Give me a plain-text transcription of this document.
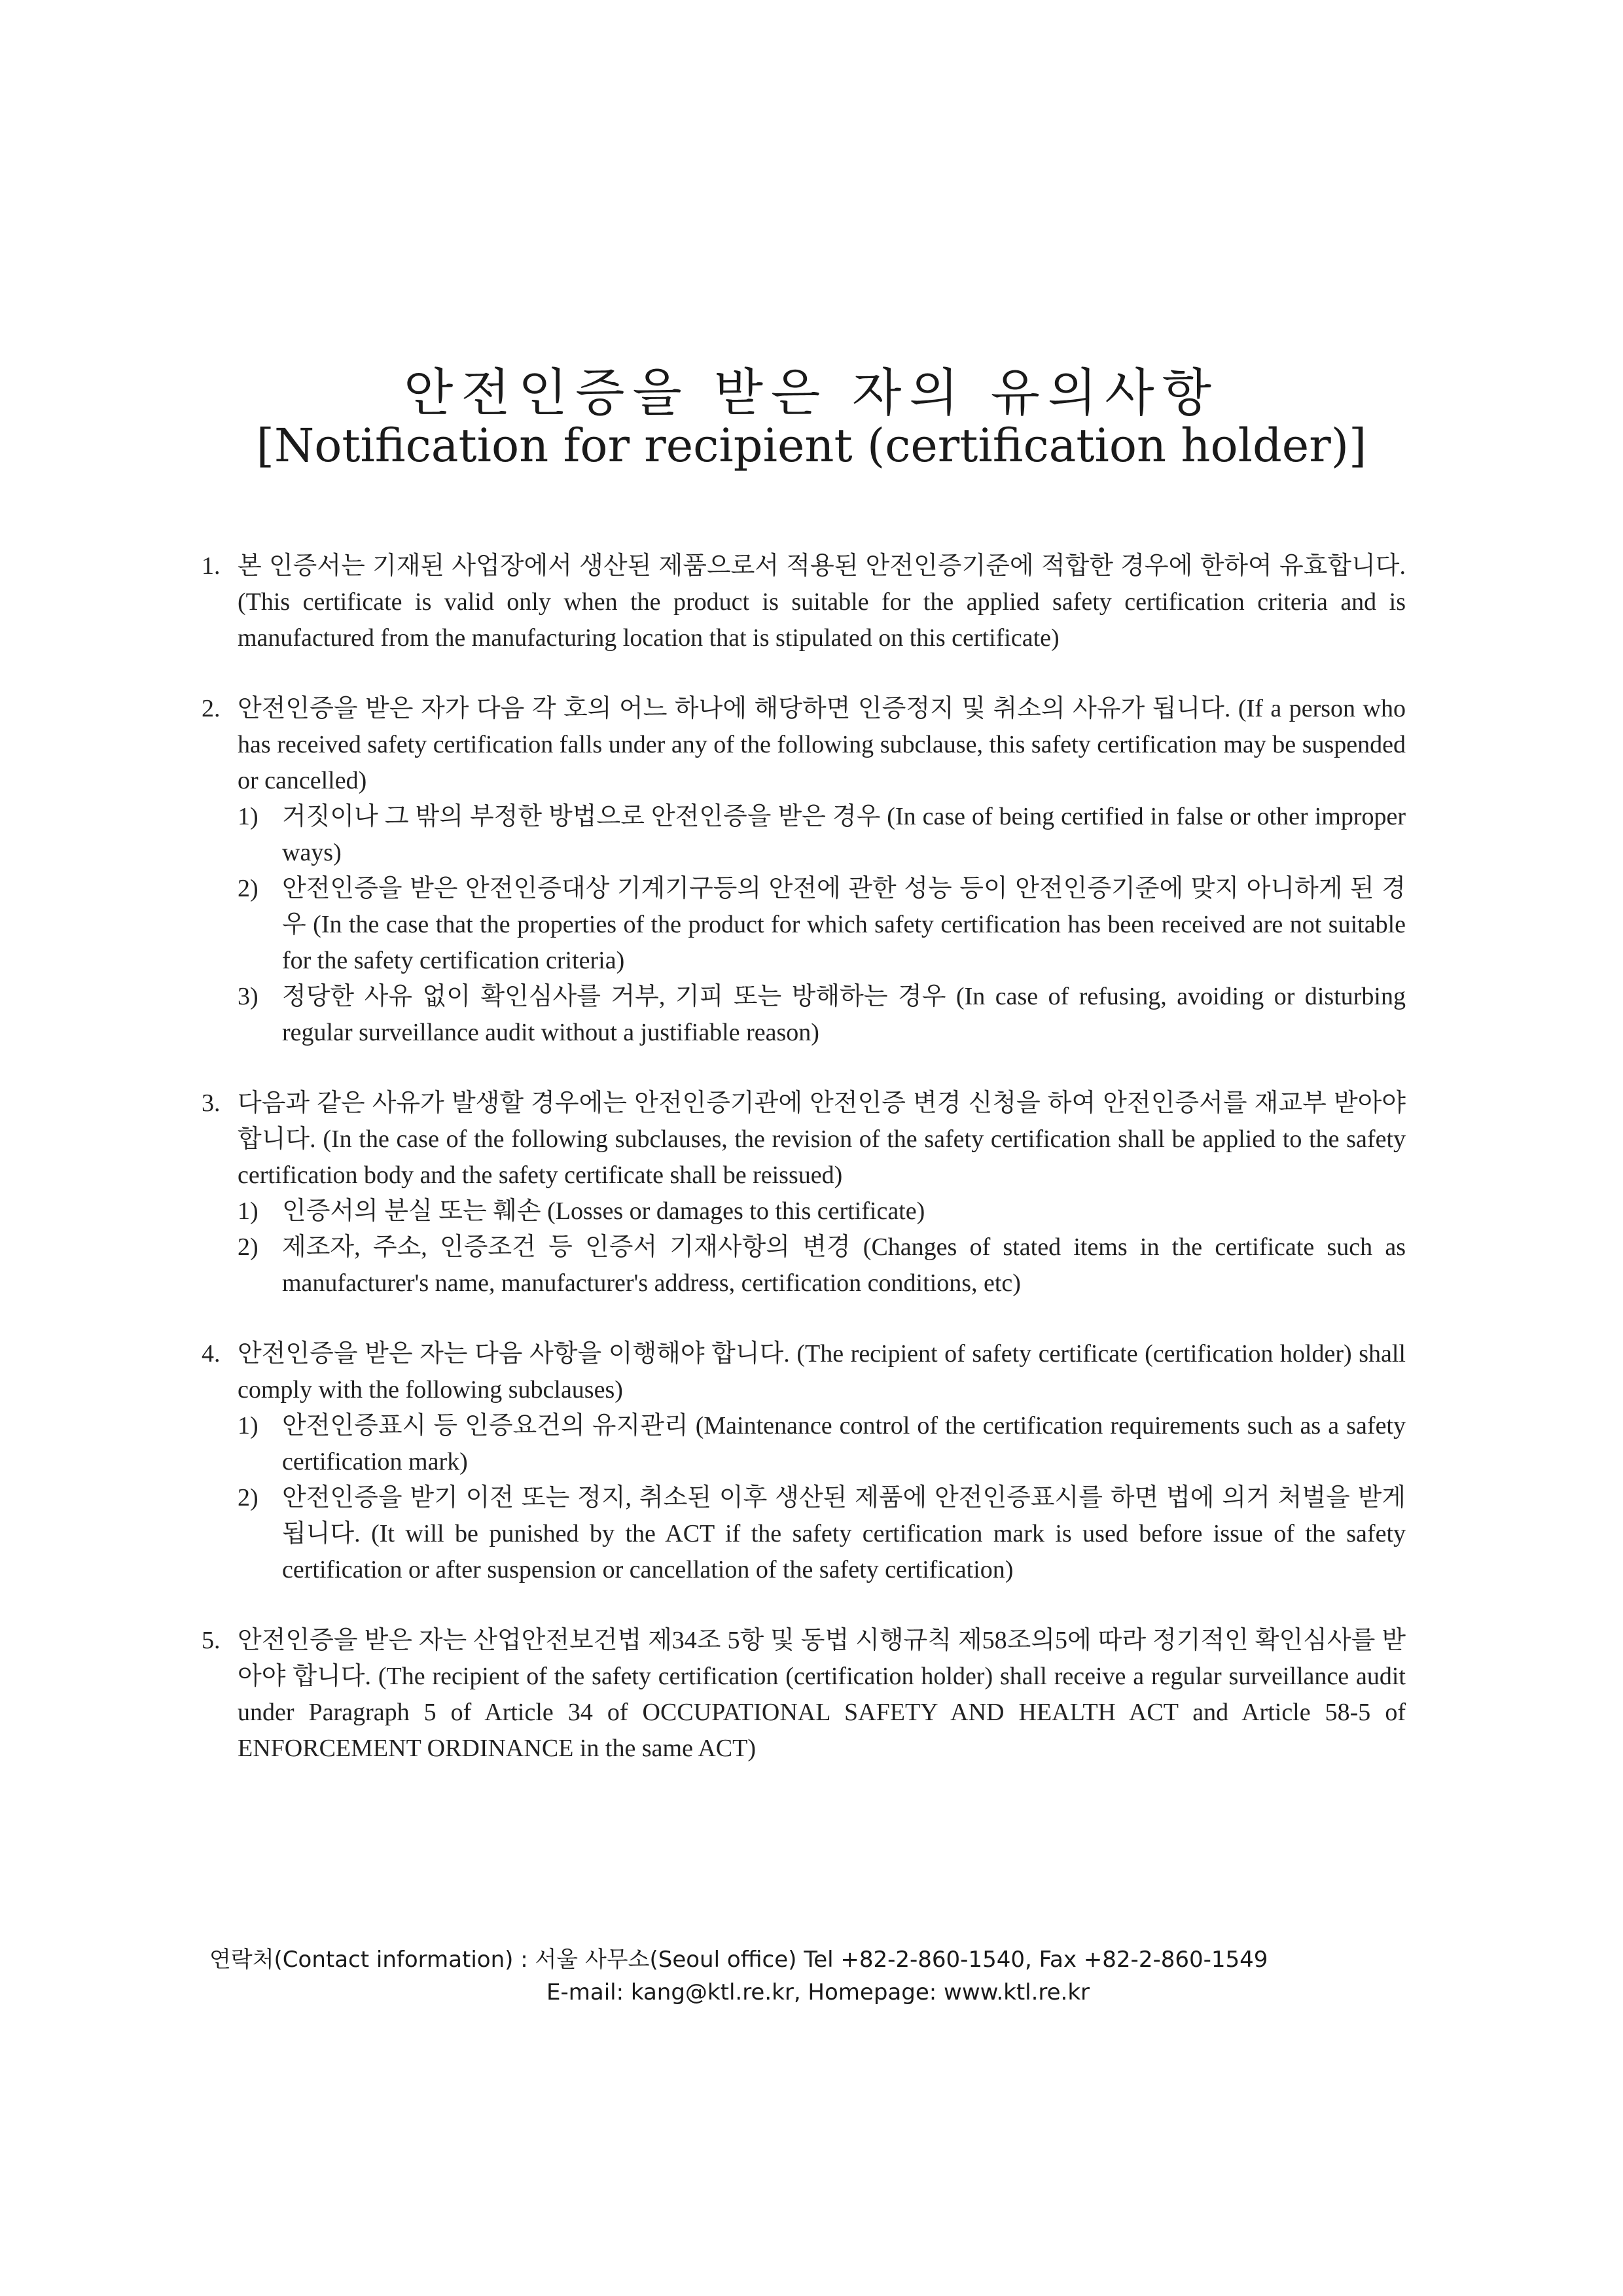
안전인증을 받은 자의 유의사항
[Notification for recipient (certification holder)]
1. 본 인증서는 기재된 사업장에서 생산된 제품으로서 적용된 안전인증기준에 적합한 경우에 한하여 유효합니다. (This certificate is valid only when the product is suitable for the applied safety certification criteria and is manufactured from the manufacturing location that is stipulated on this certificate)
2. 안전인증을 받은 자가 다음 각 호의 어느 하나에 해당하면 인증정지 및 취소의 사유가 됩니다. (If a person who has received safety certification falls under any of the following subclause, this safety certification may be suspended or cancelled)
1) 거짓이나 그 밖의 부정한 방법으로 안전인증을 받은 경우 (In case of being certified in false or other improper ways)
2) 안전인증을 받은 안전인증대상 기계기구등의 안전에 관한 성능 등이 안전인증기준에 맞지 아니하게 된 경우 (In the case that the properties of the product for which safety certification has been received are not suitable for the safety certification criteria)
3) 정당한 사유 없이 확인심사를 거부, 기피 또는 방해하는 경우 (In case of refusing, avoiding or disturbing regular surveillance audit without a justifiable reason)
3. 다음과 같은 사유가 발생할 경우에는 안전인증기관에 안전인증 변경 신청을 하여 안전인증서를 재교부 받아야 합니다. (In the case of the following subclauses, the revision of the safety certification shall be applied to the safety certification body and the safety certificate shall be reissued)
1) 인증서의 분실 또는 훼손 (Losses or damages to this certificate)
2) 제조자, 주소, 인증조건 등 인증서 기재사항의 변경 (Changes of stated items in the certificate such as manufacturer's name, manufacturer's address, certification conditions, etc)
4. 안전인증을 받은 자는 다음 사항을 이행해야 합니다. (The recipient of safety certificate (certification holder) shall comply with the following subclauses)
1) 안전인증표시 등 인증요건의 유지관리 (Maintenance control of the certification requirements such as a safety certification mark)
2) 안전인증을 받기 이전 또는 정지, 취소된 이후 생산된 제품에 안전인증표시를 하면 법에 의거 처벌을 받게 됩니다. (It will be punished by the ACT if the safety certification mark is used before issue of the safety certification or after suspension or cancellation of the safety certification)
5. 안전인증을 받은 자는 산업안전보건법 제34조 5항 및 동법 시행규칙 제58조의5에 따라 정기적인 확인심사를 받아야 합니다. (The recipient of the safety certification (certification holder) shall receive a regular surveillance audit under Paragraph 5 of Article 34 of OCCUPATIONAL SAFETY AND HEALTH ACT and Article 58-5 of ENFORCEMENT ORDINANCE in the same ACT)
연락처(Contact information) : 서울 사무소(Seoul office) Tel +82-2-860-1540, Fax +82-2-860-1549
E-mail: kang@ktl.re.kr, Homepage: www.ktl.re.kr
